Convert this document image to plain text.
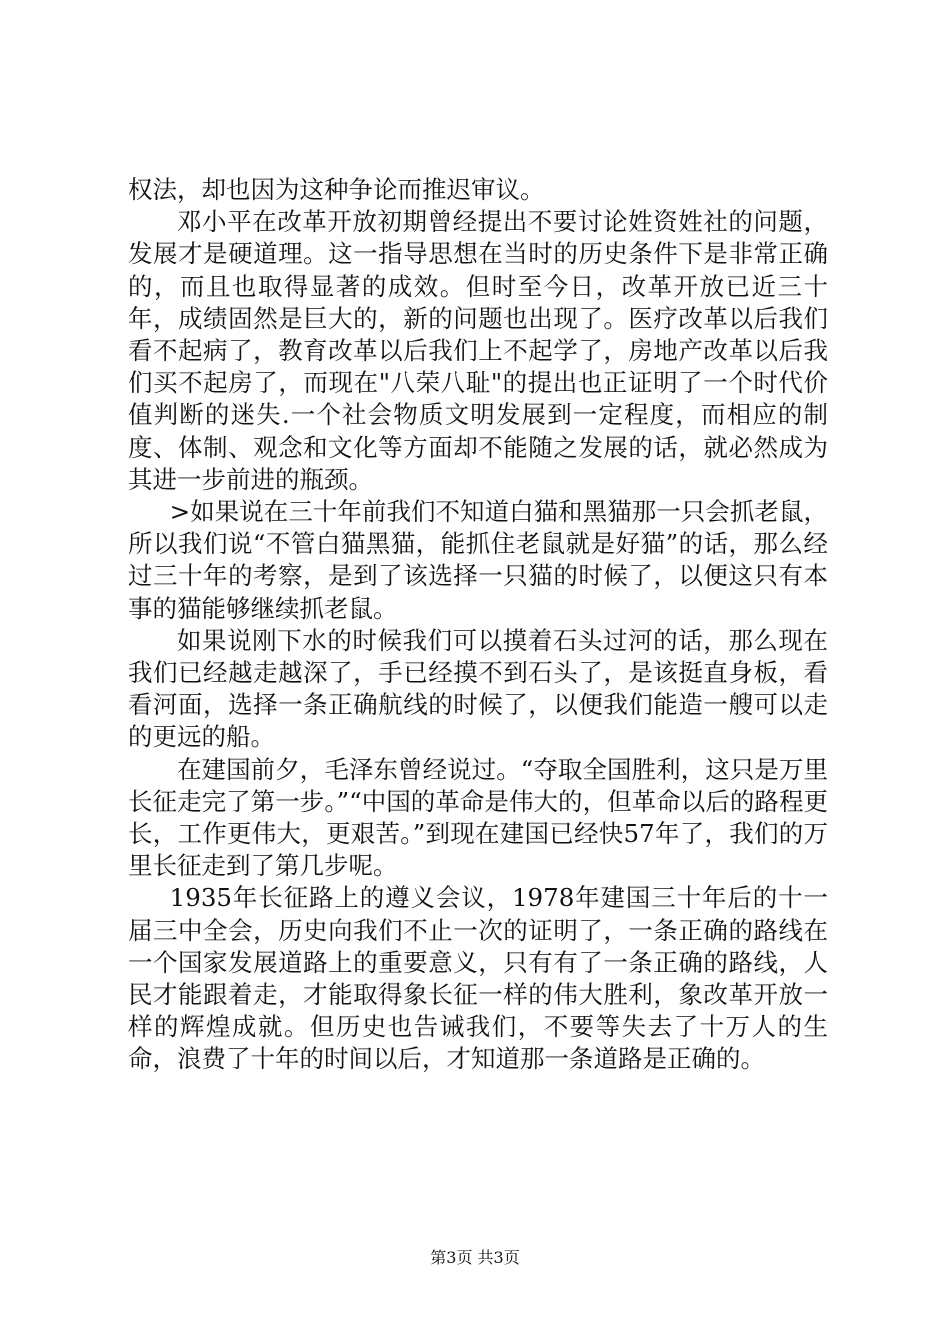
权法，却也因为这种争论而推迟审议。

邓小平在改革开放初期曾经提出不要讨论姓资姓社的问题，发展才是硬道理。这一指导思想在当时的历史条件下是非常正确的，而且也取得显著的成效。但时至今日，改革开放已近三十年，成绩固然是巨大的，新的问题也出现了。医疗改革以后我们看不起病了，教育改革以后我们上不起学了，房地产改革以后我们买不起房了，而现在"八荣八耻"的提出也正证明了一个时代价值判断的迷失.一个社会物质文明发展到一定程度，而相应的制度、体制、观念和文化等方面却不能随之发展的话，就必然成为其进一步前进的瓶颈。

>如果说在三十年前我们不知道白猫和黑猫那一只会抓老鼠，所以我们说“不管白猫黑猫，能抓住老鼠就是好猫”的话，那么经过三十年的考察，是到了该选择一只猫的时候了，以便这只有本事的猫能够继续抓老鼠。

如果说刚下水的时候我们可以摸着石头过河的话，那么现在我们已经越走越深了，手已经摸不到石头了，是该挺直身板，看看河面，选择一条正确航线的时候了，以便我们能造一艘可以走的更远的船。

在建国前夕，毛泽东曾经说过。“夺取全国胜利，这只是万里长征走完了第一步。”“中国的革命是伟大的，但革命以后的路程更长，工作更伟大，更艰苦。”到现在建国已经快57年了，我们的万里长征走到了第几步呢。

1935年长征路上的遵义会议，1978年建国三十年后的十一届三中全会，历史向我们不止一次的证明了，一条正确的路线在一个国家发展道路上的重要意义，只有有了一条正确的路线，人民才能跟着走，才能取得象长征一样的伟大胜利，象改革开放一样的辉煌成就。但历史也告诫我们，不要等失去了十万人的生命，浪费了十年的时间以后，才知道那一条道路是正确的。

第3页 共3页
